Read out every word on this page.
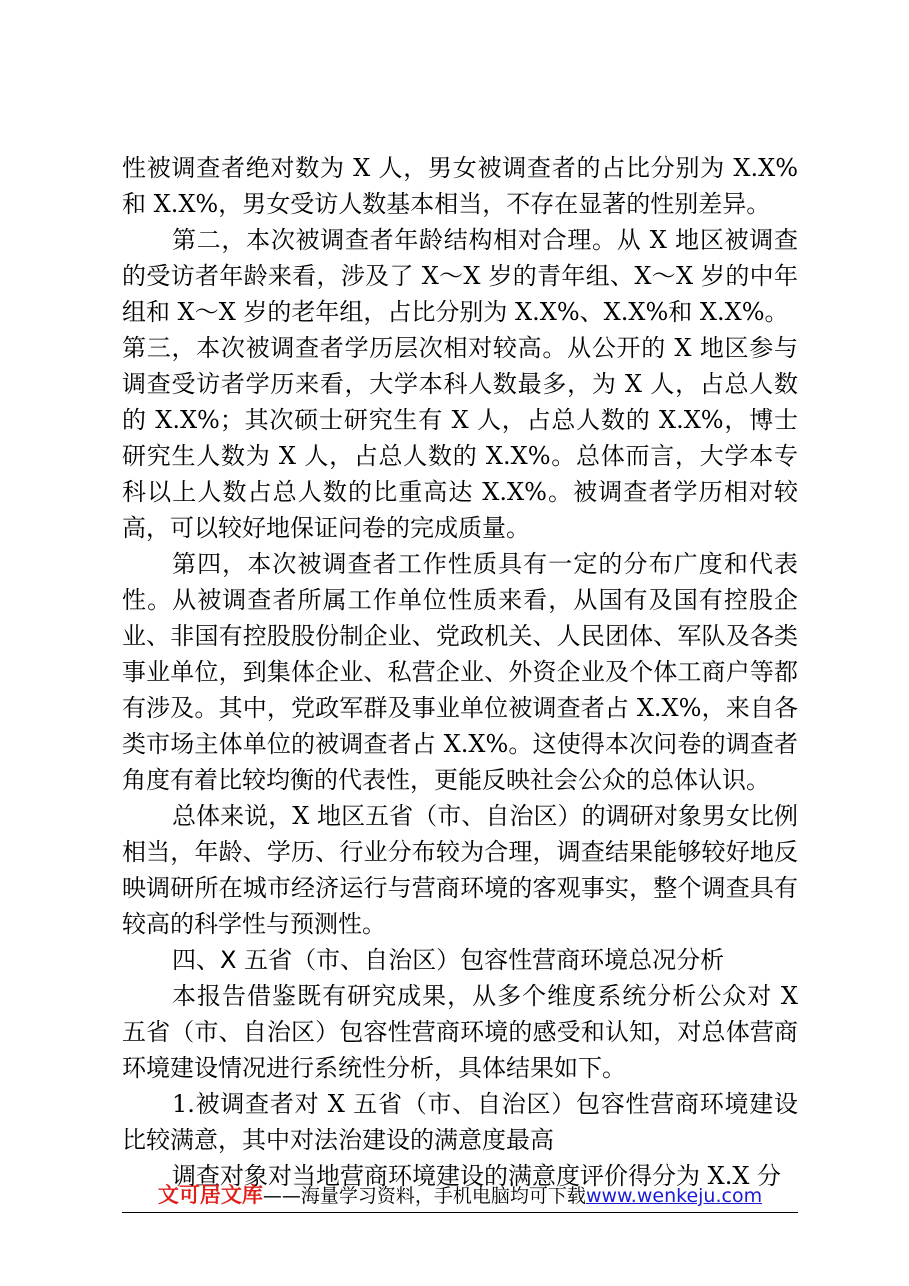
性被调查者绝对数为 X 人，男女被调查者的占比分别为 X.X%和 X.X%，男女受访人数基本相当，不存在显著的性别差异。

第二，本次被调查者年龄结构相对合理。从 X 地区被调查的受访者年龄来看，涉及了 X～X 岁的青年组、X～X 岁的中年组和 X～X 岁的老年组，占比分别为 X.X%、X.X%和 X.X%。

第三，本次被调查者学历层次相对较高。从公开的 X 地区参与调查受访者学历来看，大学本科人数最多，为 X 人，占总人数的 X.X%；其次硕士研究生有 X 人，占总人数的 X.X%，博士研究生人数为 X 人，占总人数的 X.X%。总体而言，大学本专科以上人数占总人数的比重高达 X.X%。被调查者学历相对较高，可以较好地保证问卷的完成质量。

第四，本次被调查者工作性质具有一定的分布广度和代表性。从被调查者所属工作单位性质来看，从国有及国有控股企业、非国有控股股份制企业、党政机关、人民团体、军队及各类事业单位，到集体企业、私营企业、外资企业及个体工商户等都有涉及。其中，党政军群及事业单位被调查者占 X.X%，来自各类市场主体单位的被调查者占 X.X%。这使得本次问卷的调查者角度有着比较均衡的代表性，更能反映社会公众的总体认识。

总体来说，X 地区五省（市、自治区）的调研对象男女比例相当，年龄、学历、行业分布较为合理，调查结果能够较好地反映调研所在城市经济运行与营商环境的客观事实，整个调查具有较高的科学性与预测性。

四、X 五省（市、自治区）包容性营商环境总况分析

本报告借鉴既有研究成果，从多个维度系统分析公众对 X 五省（市、自治区）包容性营商环境的感受和认知，对总体营商环境建设情况进行系统性分析，具体结果如下。

1.被调查者对 X 五省（市、自治区）包容性营商环境建设比较满意，其中对法治建设的满意度最高

调查对象对当地营商环境建设的满意度评价得分为 X.X 分

文可居文库——海量学习资料，手机电脑均可下载www.wenkeju.com
